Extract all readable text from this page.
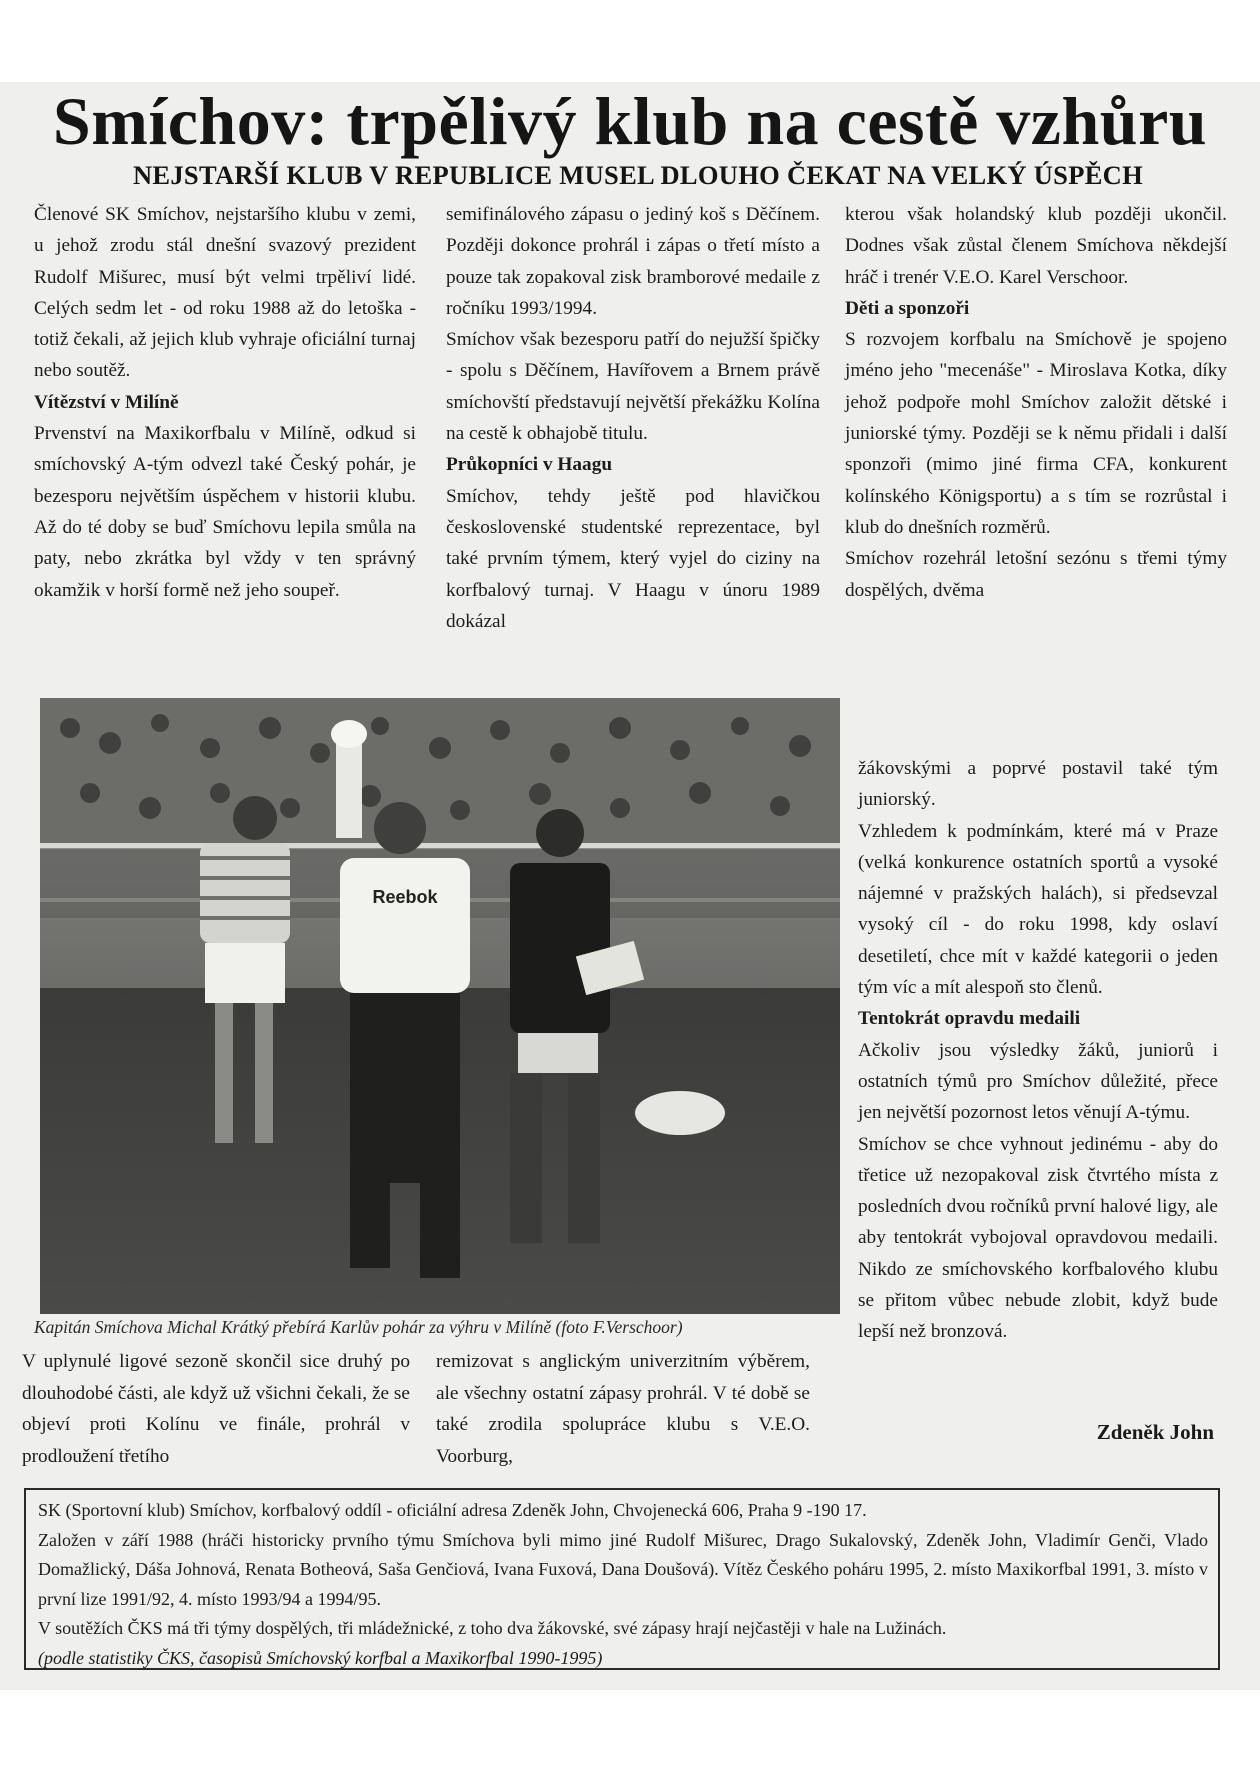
Smíchov: trpělivý klub na cestě vzhůru
NEJSTARŠÍ KLUB V REPUBLICE MUSEL DLOUHO ČEKAT NA VELKÝ ÚSPĚCH

Členové SK Smíchov, nejstaršího klubu v zemi, u jehož zrodu stál dnešní svazový prezident Rudolf Mišurec, musí být velmi trpěliví lidé. Celých sedm let - od roku 1988 až do letoška - totiž čekali, až jejich klub vyhraje oficiální turnaj nebo soutěž.

Vítězství v Milíně

Prvenství na Maxikorfbalu v Milíně, odkud si smíchovský A-tým odvezl také Český pohár, je bezesporu největším úspěchem v historii klubu. Až do té doby se buď Smíchovu lepila smůla na paty, nebo zkrátka byl vždy v ten správný okamžik v horší formě než jeho soupeř.

semifinálového zápasu o jediný koš s Děčínem. Později dokonce prohrál i zápas o třetí místo a pouze tak zopakoval zisk bramborové medaile z ročníku 1993/1994.

Smíchov však bezesporu patří do nejužší špičky - spolu s Děčínem, Havířovem a Brnem právě smíchovští představují největší překážku Kolína na cestě k obhajobě titulu.

Průkopníci v Haagu

Smíchov, tehdy ještě pod hlavičkou československé studentské reprezentace, byl také prvním týmem, který vyjel do ciziny na korfbalový turnaj. V Haagu v únoru 1989 dokázal

kterou však holandský klub později ukončil. Dodnes však zůstal členem Smíchova někdejší hráč i trenér V.E.O. Karel Verschoor.

Děti a sponzoři

S rozvojem korfbalu na Smíchově je spojeno jméno jeho "mecenáše" - Miroslava Kotka, díky jehož podpoře mohl Smíchov založit dětské i juniorské týmy. Později se k němu přidali i další sponzoři (mimo jiné firma CFA, konkurent kolínského Königsportu) a s tím se rozrůstal i klub do dnešních rozměrů.

Smíchov rozehrál letošní sezónu s třemi týmy dospělých, dvěma

žákovskými a poprvé postavil také tým juniorský.

Vzhledem k podmínkám, které má v Praze (velká konkurence ostatních sportů a vysoké nájemné v pražských halách), si předsevzal vysoký cíl - do roku 1998, kdy oslaví desetiletí, chce mít v každé kategorii o jeden tým víc a mít alespoň sto členů.

Tentokrát opravdu medaili

Ačkoliv jsou výsledky žáků, juniorů i ostatních týmů pro Smíchov důležité, přece jen největší pozornost letos věnují A-týmu.

Smíchov se chce vyhnout jedinému - aby do třetice už nezopakoval zisk čtvrtého místa z posledních dvou ročníků první halové ligy, ale aby tentokrát vybojoval opravdovou medaili. Nikdo ze smíchovského korfbalového klubu se přitom vůbec nebude zlobit, když bude lepší než bronzová.

Reebok
Kapitán Smíchova Michal Krátký přebírá Karlův pohár za výhru v Milíně (foto F.Verschoor)

V uplynulé ligové sezoně skončil sice druhý po dlouhodobé části, ale když už všichni čekali, že se objeví proti Kolínu ve finále, prohrál v prodloužení třetího

remizovat s anglickým univerzitním výběrem, ale všechny ostatní zápasy prohrál. V té době se také zrodila spolupráce klubu s V.E.O. Voorburg,

Zdeněk John

SK (Sportovní klub) Smíchov, korfbalový oddíl - oficiální adresa Zdeněk John, Chvojenecká 606, Praha 9 -190 17.

Založen v září 1988 (hráči historicky prvního týmu Smíchova byli mimo jiné Rudolf Mišurec, Drago Sukalovský, Zdeněk John, Vladimír Genči, Vlado Domažlický, Dáša Johnová, Renata Botheová, Saša Genčiová, Ivana Fuxová, Dana Doušová). Vítěz Českého poháru 1995, 2. místo Maxikorfbal 1991, 3. místo v první lize 1991/92, 4. místo 1993/94 a 1994/95.

V soutěžích ČKS má tři týmy dospělých, tři mládežnické, z toho dva žákovské, své zápasy hrají nejčastěji v hale na Lužinách.

(podle statistiky ČKS, časopisů Smíchovský korfbal a Maxikorfbal 1990-1995)
